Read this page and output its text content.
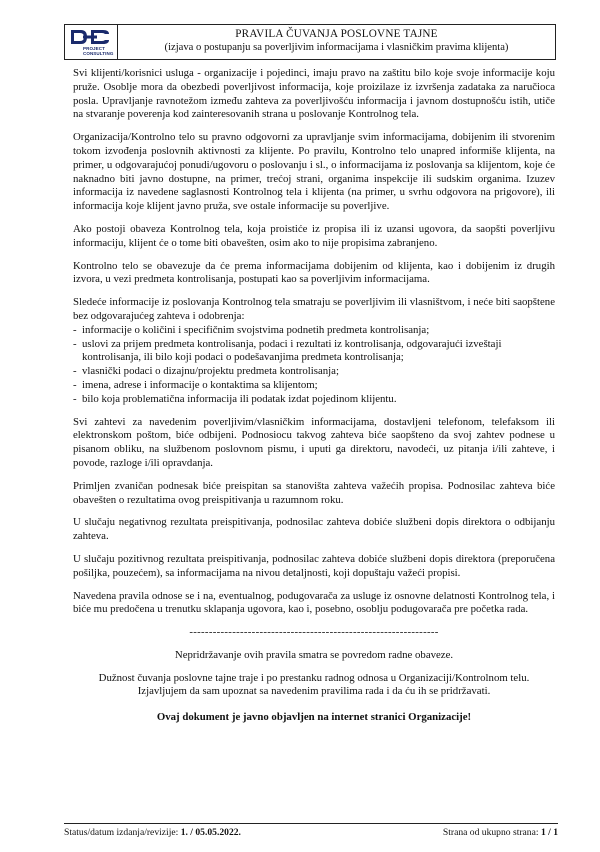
PROJECT
CONSULTING
PRAVILA ČUVANJA POSLOVNE TAJNE
(izjava o postupanju sa poverljivim informacijama i vlasničkim pravima klijenta)

Svi klijenti/korisnici usluga - organizacije i pojedinci, imaju pravo na zaštitu bilo koje svoje informacije koju pruže. Osoblje mora da obezbedi poverljivost informacija, koje proizilaze iz izvršenja zadataka za naručioca posla. Upravljanje ravnotežom između zahteva za poverljivošću informacija i javnom dostupnošću istih, utiče na stvaranje poverenja kod zainteresovanih strana u poslovanje Kontrolnog tela.

Organizacija/Kontrolno telo su pravno odgovorni za upravljanje svim informacijama, dobijenim ili stvorenim tokom izvođenja poslovnih aktivnosti za klijente. Po pravilu, Kontrolno telo unapred informiše klijenta, na primer, u odgovarajućoj ponudi/ugovoru o poslovanju i sl., o informacijama iz poslovanja sa klijentom, koje će naknadno biti javno dostupne, na primer, trećoj strani, organima inspekcije ili sudskim organima. Izuzev informacija iz navedene saglasnosti Kontrolnog tela i klijenta (na primer, u svrhu odgovora na prigovore), ili informacija koje klijent javno pruža, sve ostale informacije su poverljive.

Ako postoji obaveza Kontrolnog tela, koja proistiće iz propisa ili iz uzansi ugovora, da saopšti poverljivu informaciju, klijent će o tome biti obavešten, osim ako to nije propisima zabranjeno.

Kontrolno telo se obavezuje da će prema informacijama dobijenim od klijenta, kao i dobijenim iz drugih izvora, u vezi predmeta kontrolisanja, postupati kao sa poverljivim informacijama.

Sledeće informacije iz poslovanja Kontrolnog tela smatraju se poverljivim ili vlasništvom, i neće biti saopštene bez odgovarajućeg zahteva i odobrenja:

- informacije o količini i specifičnim svojstvima podnetih predmeta kontrolisanja;
- uslovi za prijem predmeta kontrolisanja, podaci i rezultati iz kontrolisanja, odgovarajući izveštaji kontrolisanja, ili bilo koji podaci o podešavanjima predmeta kontrolisanja;
- vlasnički podaci o dizajnu/projektu predmeta kontrolisanja;
- imena, adrese i informacije o kontaktima sa klijentom;
- bilo koja problematična informacija ili podatak izdat pojedinom klijentu.

Svi zahtevi za navedenim poverljivim/vlasničkim informacijama, dostavljeni telefonom, telefaksom ili elektronskom poštom, biće odbijeni. Podnosiocu takvog zahteva biće saopšteno da svoj zahtev podnese u pisanom obliku, na službenom poslovnom pismu, i uputi ga direktoru, navodeći, uz pitanja i/ili zahteve, i povode, razloge i/ili opravdanja.

Primljen zvaničan podnesak biće preispitan sa stanovišta zahteva važećih propisa. Podnosilac zahteva biće obavešten o rezultatima ovog preispitivanja u razumnom roku.

U slučaju negativnog rezultata preispitivanja, podnosilac zahteva dobiće službeni dopis direktora o odbijanju zahteva.

U slučaju pozitivnog rezultata preispitivanja, podnosilac zahteva dobiće službeni dopis direktora (preporučena pošiljka, pouzećem), sa informacijama na nivou detaljnosti, koji dopuštaju važeći propisi.

Navedena pravila odnose se i na, eventualnog, podugovarača za usluge iz osnovne delatnosti Kontrolnog tela, i biće mu predočena u trenutku sklapanja ugovora, kao i, posebno, osoblju podugovarača pre početka rada.

----------------------------------------------------------------

Nepridržavanje ovih pravila smatra se povredom radne obaveze.

Dužnost čuvanja poslovne tajne traje i po prestanku radnog odnosa u Organizaciji/Kontrolnom telu. Izjavljujem da sam upoznat sa navedenim pravilima rada i da ću ih se pridržavati.

Ovaj dokument je javno objavljen na internet stranici Organizacije!

Status/datum izdanja/revizije: 1. / 05.05.2022.	Strana od ukupno strana: 1 / 1
